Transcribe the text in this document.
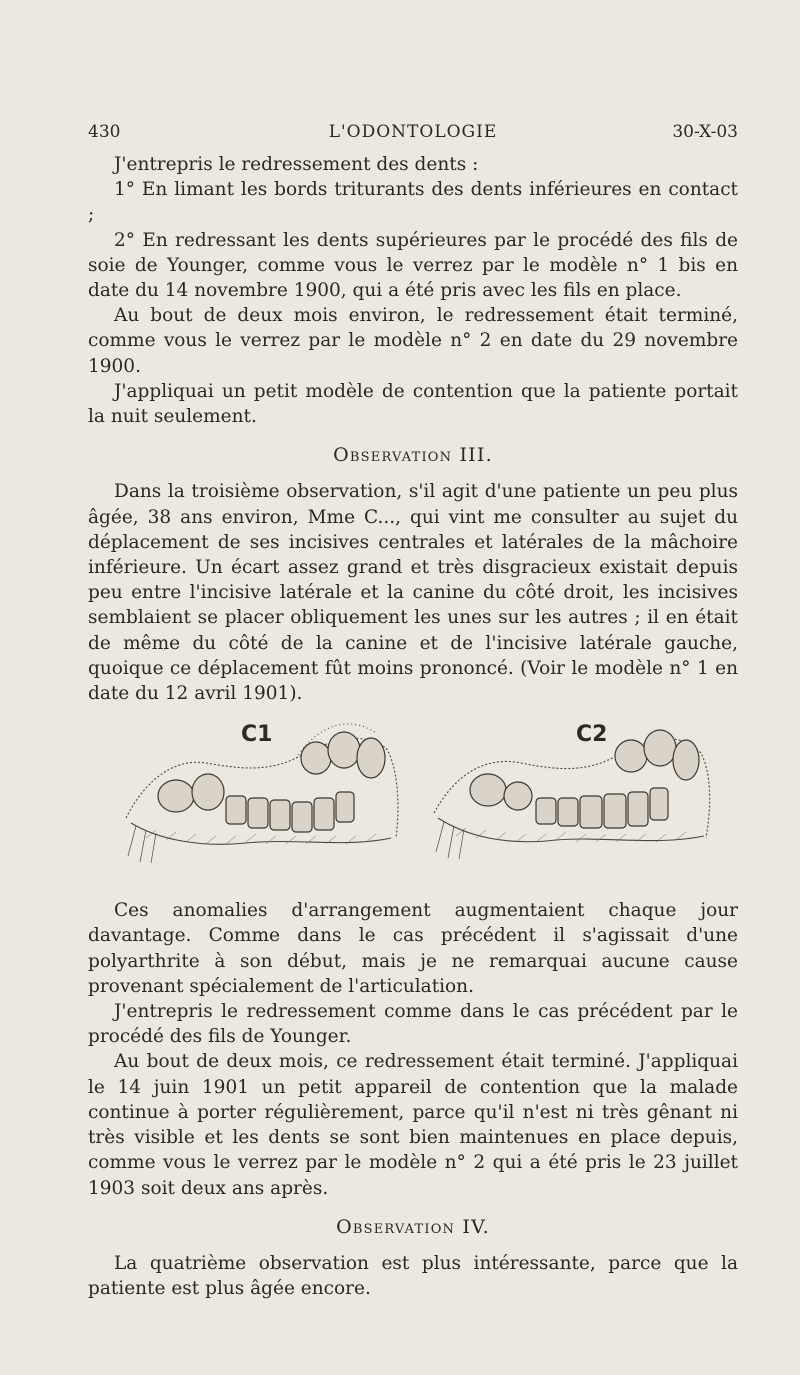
430	L'ODONTOLOGIE	30-X-03

J'entrepris le redressement des dents :

1° En limant les bords triturants des dents inférieures en contact ;

2° En redressant les dents supérieures par le procédé des fils de soie de Younger, comme vous le verrez par le modèle n° 1 bis en date du 14 novembre 1900, qui a été pris avec les fils en place.

Au bout de deux mois environ, le redressement était terminé, comme vous le verrez par le modèle n° 2 en date du 29 novembre 1900.

J'appliquai un petit modèle de contention que la patiente portait la nuit seulement.

Observation III.

Dans la troisième observation, s'il agit d'une patiente un peu plus âgée, 38 ans environ, Mme C..., qui vint me consulter au sujet du déplacement de ses incisives centrales et latérales de la mâchoire inférieure. Un écart assez grand et très disgracieux existait depuis peu entre l'incisive latérale et la canine du côté droit, les incisives semblaient se placer obliquement les unes sur les autres ; il en était de même du côté de la canine et de l'incisive latérale gauche, quoique ce déplacement fût moins prononcé. (Voir le modèle n° 1 en date du 12 avril 1901).

C1	C2

Ces anomalies d'arrangement augmentaient chaque jour davantage. Comme dans le cas précédent il s'agissait d'une polyarthrite à son début, mais je ne remarquai aucune cause provenant spécialement de l'articulation.

J'entrepris le redressement comme dans le cas précédent par le procédé des fils de Younger.

Au bout de deux mois, ce redressement était terminé. J'appliquai le 14 juin 1901 un petit appareil de contention que la malade continue à porter régulièrement, parce qu'il n'est ni très gênant ni très visible et les dents se sont bien maintenues en place depuis, comme vous le verrez par le modèle n° 2 qui a été pris le 23 juillet 1903 soit deux ans après.

Observation IV.

La quatrième observation est plus intéressante, parce que la patiente est plus âgée encore.
